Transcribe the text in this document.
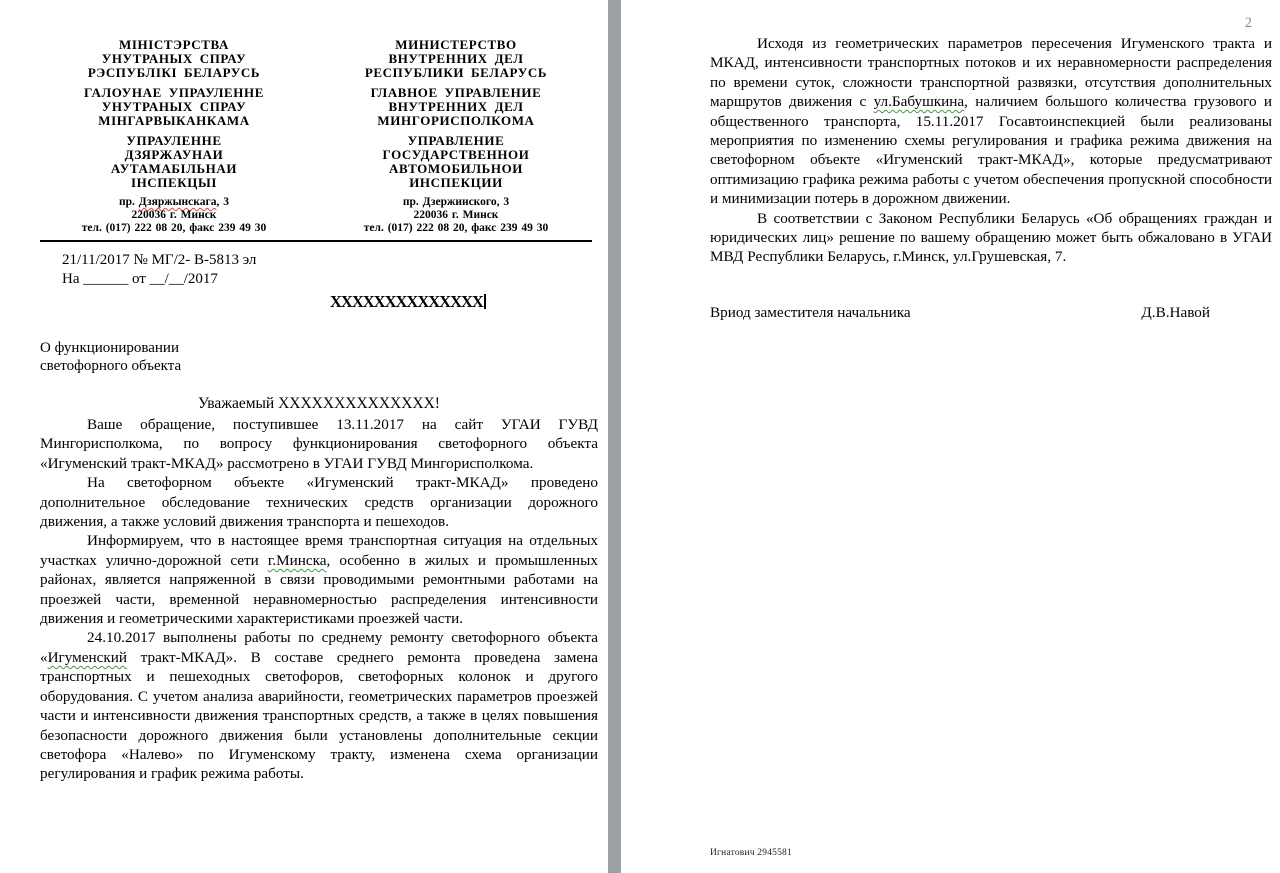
МІНІСТЭРСТВА
УНУТРАНЫХ СПРАУ
РЭСПУБЛІКІ БЕЛАРУСЬ
ГАЛОУНАЕ УПРАУЛЕННЕ
УНУТРАНЫХ СПРАУ
МІНГАРВЫКАНКАМА
УПРАУЛЕННЕ
ДЗЯРЖАУНАИ
АУТАМАБІЛЬНАИ
ІНСПЕКЦЫІ
пр. Дзяржынскага, 3
220036 г. Минск
тел. (017) 222 08 20, факс 239 49 30
МИНИСТЕРСТВО
ВНУТРЕННИХ ДЕЛ
РЕСПУБЛИКИ БЕЛАРУСЬ
ГЛАВНОЕ УПРАВЛЕНИЕ
ВНУТРЕННИХ ДЕЛ
МИНГОРИСПОЛКОМА
УПРАВЛЕНИЕ
ГОСУДАРСТВЕННОИ
АВТОМОБИЛЬНОИ
ИНСПЕКЦИИ
пр. Дзержинского, 3
220036 г. Минск
тел. (017) 222 08 20, факс 239 49 30
21/11/2017 № МГ/2- В-5813 эл
На ______ от __/__/2017
ХХХХХХХХХХХХХХ
О функционировании светофорного объекта
Уважаемый ХХХХХХХХХХХХХХ!

Ваше обращение, поступившее 13.11.2017 на сайт УГАИ ГУВД Мингорисполкома, по вопросу функционирования светофорного объекта «Игуменский тракт-МКАД» рассмотрено в УГАИ ГУВД Мингорисполкома.

На светофорном объекте «Игуменский тракт-МКАД» проведено дополнительное обследование технических средств организации дорожного движения, а также условий движения транспорта и пешеходов.

Информируем, что в настоящее время транспортная ситуация на отдельных участках улично-дорожной сети г.Минска, особенно в жилых и промышленных районах, является напряженной в связи проводимыми ремонтными работами на проезжей части, временной неравномерностью распределения интенсивности движения и геометрическими характеристиками проезжей части.

24.10.2017 выполнены работы по среднему ремонту светофорного объекта «Игуменский тракт-МКАД». В составе среднего ремонта проведена замена транспортных и пешеходных светофоров, светофорных колонок и другого оборудования. С учетом анализа аварийности, геометрических параметров проезжей части и интенсивности движения транспортных средств, а также в целях повышения безопасности дорожного движения были установлены дополнительные секции светофора «Налево» по Игуменскому тракту, изменена схема организации регулирования и график режима работы.

2

Исходя из геометрических параметров пересечения Игуменского тракта и МКАД, интенсивности транспортных потоков и их неравномерности распределения по времени суток, сложности транспортной развязки, отсутствия дополнительных маршрутов движения с ул.Бабушкина, наличием большого количества грузового и общественного транспорта, 15.11.2017 Госавтоинспекцией были реализованы мероприятия по изменению схемы регулирования и графика режима движения на светофорном объекте «Игуменский тракт-МКАД», которые предусматривают оптимизацию графика режима работы с учетом обеспечения пропускной способности и минимизации потерь в дорожном движении.

В соответствии с Законом Республики Беларусь «Об обращениях граждан и юридических лиц» решение по вашему обращению может быть обжаловано в УГАИ МВД Республики Беларусь, г.Минск, ул.Грушевская, 7.

Вриод заместителя начальника	Д.В.Навой
Игнатович 2945581
